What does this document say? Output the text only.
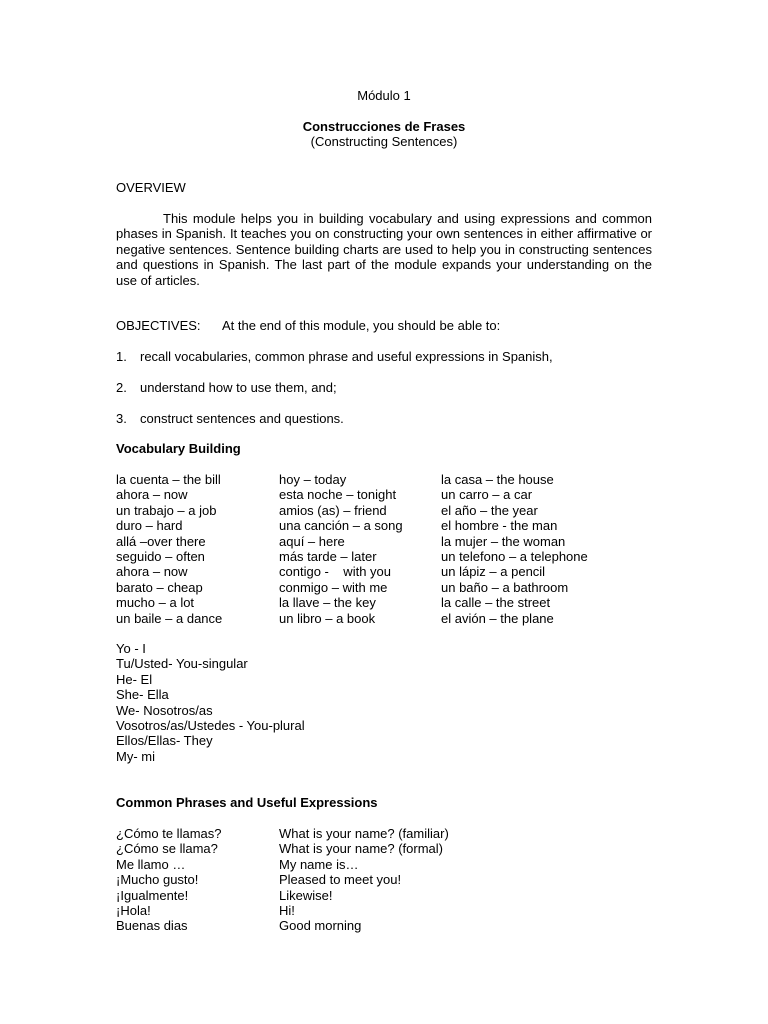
Módulo 1
Construcciones de Frases
(Constructing Sentences)
OVERVIEW

This module helps you in building vocabulary and using expressions and common phases in Spanish. It teaches you on constructing your own sentences in either affirmative or negative sentences. Sentence building charts are used to help you in constructing sentences and questions in Spanish. The last part of the module expands your understanding on the use of articles.

OBJECTIVES: At the end of this module, you should be able to:
1. recall vocabularies, common phrase and useful expressions in Spanish,
2. understand how to use them, and;
3. construct sentences and questions.
Vocabulary Building
la cuenta – the bill
ahora – now
un trabajo – a job
duro – hard
allá –over there
seguido – often
ahora – now
barato – cheap
mucho – a lot
un baile – a dance
hoy – today
esta noche – tonight
amios (as) – friend
una canción – a song
aquí – here
más tarde – later
contigo -    with you
conmigo – with me
la llave – the key
un libro – a book
la casa – the house
un carro – a car
el año – the year
el hombre - the man
la mujer – the woman
un telefono – a telephone
un lápiz – a pencil
un baño – a bathroom
la calle – the street
el avión – the plane
Yo - I
Tu/Usted- You-singular
He- El
She- Ella
We- Nosotros/as
Vosotros/as/Ustedes - You-plural
Ellos/Ellas- They
My- mi
Common Phrases and Useful Expressions
¿Cómo te llamas?
¿Cómo se llama?
Me llamo …
¡Mucho gusto!
¡Igualmente!
¡Hola!
Buenas dias
What is your name? (familiar)
What is your name? (formal)
My name is…
Pleased to meet you!
Likewise!
Hi!
Good morning
